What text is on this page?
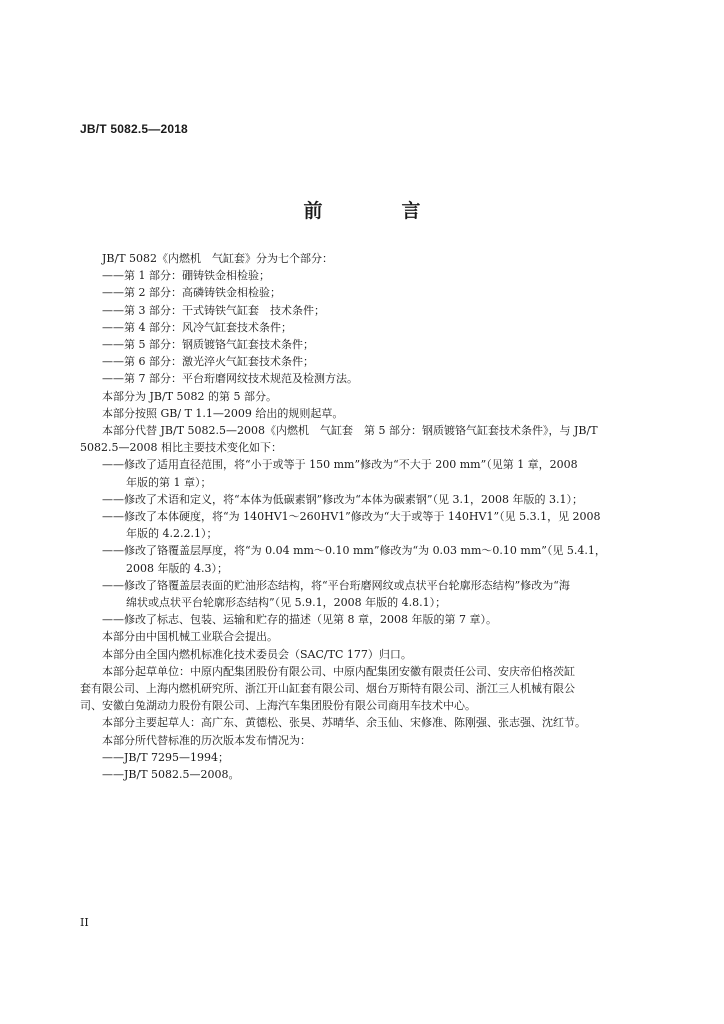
JB/T 5082.5—2018
前　言
JB/T 5082《内燃机　气缸套》分为七个部分：
——第 1 部分：硼铸铁金相检验；
——第 2 部分：高磷铸铁金相检验；
——第 3 部分：干式铸铁气缸套　技术条件；
——第 4 部分：风冷气缸套技术条件；
——第 5 部分：钢质镀铬气缸套技术条件；
——第 6 部分：激光淬火气缸套技术条件；
——第 7 部分：平台珩磨网纹技术规范及检测方法。
本部分为 JB/T 5082 的第 5 部分。
本部分按照 GB/ T 1.1—2009 给出的规则起草。
本部分代替 JB/T 5082.5—2008《内燃机　气缸套　第 5 部分：钢质镀铬气缸套技术条件》，与 JB/T
5082.5—2008 相比主要技术变化如下：
——修改了适用直径范围，将“小于或等于 150 mm”修改为“不大于 200 mm”（见第 1 章，2008
年版的第 1 章）；
——修改了术语和定义，将“本体为低碳素钢”修改为“本体为碳素钢”（见 3.1，2008 年版的 3.1）；
——修改了本体硬度，将“为 140HV1～260HV1”修改为“大于或等于 140HV1”（见 5.3.1，见 2008
年版的 4.2.2.1）；
——修改了铬覆盖层厚度，将“为 0.04 mm～0.10 mm”修改为“为 0.03 mm～0.10 mm”（见 5.4.1，
2008 年版的 4.3）；
——修改了铬覆盖层表面的贮油形态结构，将“平台珩磨网纹或点状平台轮廓形态结构”修改为“海
绵状或点状平台轮廓形态结构”（见 5.9.1，2008 年版的 4.8.1）；
——修改了标志、包装、运输和贮存的描述（见第 8 章，2008 年版的第 7 章）。
本部分由中国机械工业联合会提出。
本部分由全国内燃机标准化技术委员会（SAC/TC 177）归口。
本部分起草单位：中原内配集团股份有限公司、中原内配集团安徽有限责任公司、安庆帝伯格茨缸
套有限公司、上海内燃机研究所、浙江开山缸套有限公司、烟台万斯特有限公司、浙江三人机械有限公
司、安徽白兔湖动力股份有限公司、上海汽车集团股份有限公司商用车技术中心。
本部分主要起草人：高广东、黄德松、张昊、苏晴华、余玉仙、宋修准、陈刚强、张志强、沈红节。
本部分所代替标准的历次版本发布情况为：
——JB/T 7295—1994；
——JB/T 5082.5—2008。
II
